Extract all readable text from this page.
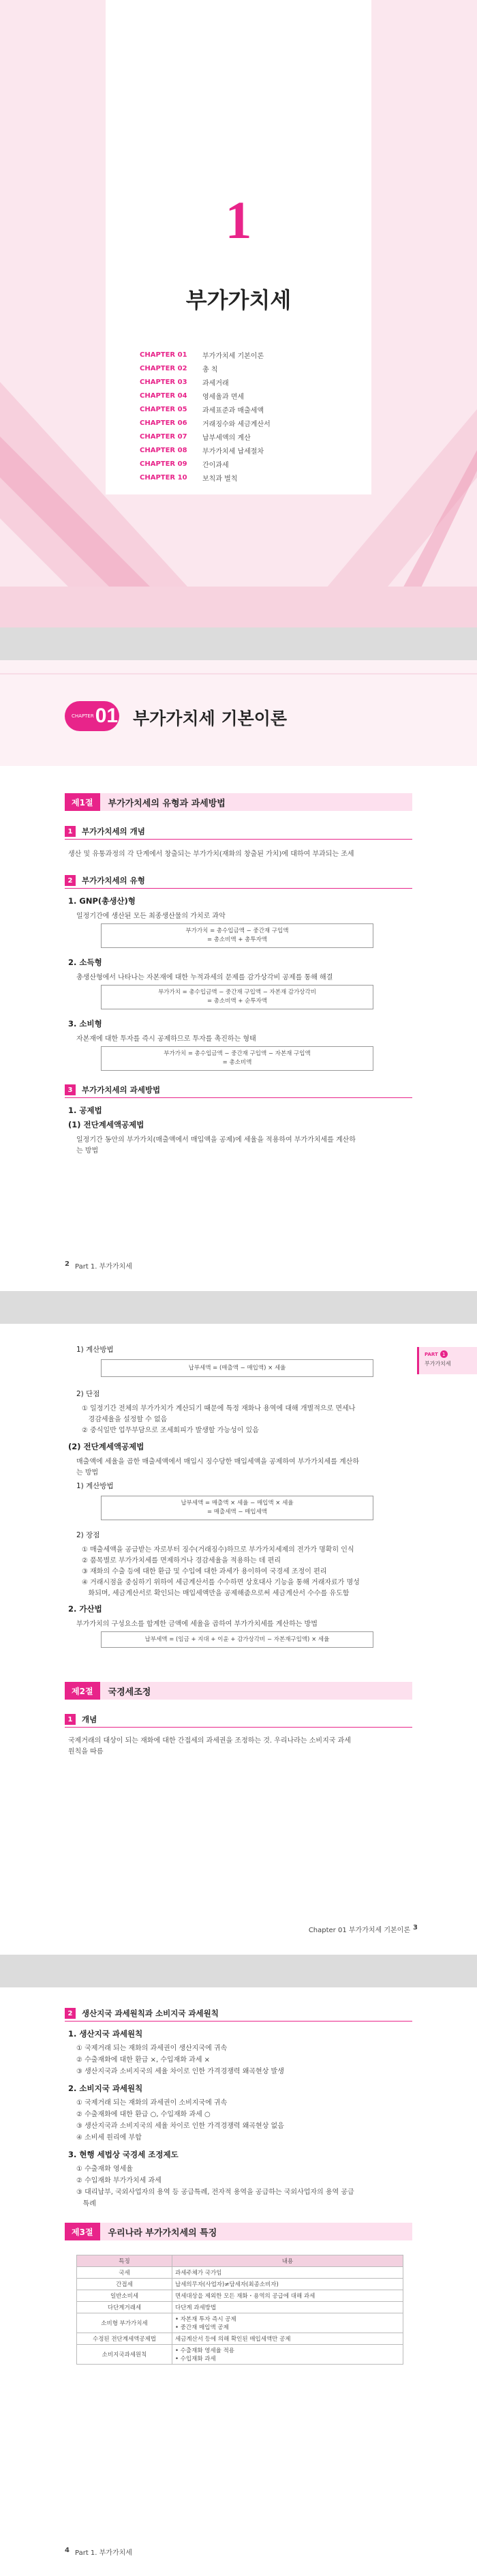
1
부가가치세
CHAPTER 01	부가가치세 기본이론
CHAPTER 02	총 칙
CHAPTER 03	과세거래
CHAPTER 04	영세율과 면세
CHAPTER 05	과세표준과 매출세액
CHAPTER 06	거래징수와 세금계산서
CHAPTER 07	납부세액의 계산
CHAPTER 08	부가가치세 납세절차
CHAPTER 09	간이과세
CHAPTER 10	보칙과 벌칙
CHAPTER 01 부가가치세 기본이론
제1절	부가가치세의 유형과 과세방법
1	부가가치세의 개념
생산 및 유통과정의 각 단계에서 창출되는 부가가치(재화의 창출된 가치)에 대하여 부과되는 조세
2	부가가치세의 유형
1. GNP(총생산)형
일정기간에 생산된 모든 최종생산물의 가치로 과악
부가가치 = 총수입금액 − 중간재 구입액
= 총소비액 + 총투자액
2. 소득형
총생산형에서 나타나는 자본재에 대한 누적과세의 문제를 감가상각비 공제를 통해 해결
부가가치 = 총수입금액 − 중간재 구입액 − 자본재 감가상각비
= 총소비액 + 순투자액
3. 소비형
자본재에 대한 투자를 즉시 공제하므로 투자를 촉진하는 형태
부가가치 = 총수입금액 − 중간재 구입액 − 자본재 구입액
= 총소비액
3	부가가치세의 과세방법
1. 공제법
(1) 전단계세액공제법
일정기간 동안의 부가가치(매출액에서 매입액을 공제)에 세율을 적용하여 부가가치세를 계산하
는 방법
2 Part 1. 부가가치세
PART 1
부가가치세
1) 계산방법
납부세액 = (매출액 − 매입액) × 세율
2) 단점
① 일정기간 전체의 부가가치가 계산되기 때문에 특정 재화나 용역에 대해 개별적으로 면세나
경감세율을 설정할 수 없음
② 중식일반 업무부담으로 조세회피가 발생할 가능성이 있음
(2) 전단계세액공제법
매출액에 세율을 곱한 매출세액에서 매입시 징수당한 매입세액을 공제하여 부가가치세를 계산하
는 방법
1) 계산방법
납부세액 = 매출액 × 세율 − 매입액 × 세율
= 매출세액 − 매입세액
2) 장점
① 매출세액을 공급받는 자로부터 징수(거래징수)하므로 부가가치세제의 전가가 명확히 인식
② 품목별로 부가가치세를 면제하거나 경감세율을 적용하는 데 편리
③ 재화의 수출 등에 대한 환급 및 수입에 대한 과세가 용이하여 국경세 조정이 편리
④ 거래시점을 중심하기 위하여 세금계산서를 수수하면 상호대사 기능을 통해 거래자료가 명성
화되며, 세금계산서로 확인되는 매입세액만을 공제해줌으로써 세금계산서 수수를 유도함
2. 가산법
부가가치의 구성요소를 합계한 금액에 세율을 곱하여 부가가치세를 계산하는 방법
납부세액 = (임금 + 지대 + 이윤 + 감가상각비 − 자본재구입액) × 세율
제2절	국경세조정
1	개념
국제거래의 대상이 되는 재화에 대한 간접세의 과세권을 조정하는 것. 우리나라는 소비지국 과세
원칙을 따름
Chapter 01 부가가치세 기본이론 3
2	생산지국 과세원칙과 소비지국 과세원칙
1. 생산지국 과세원칙
① 국제거래 되는 재화의 과세권이 생산지국에 귀속
② 수출재화에 대한 환급 ×, 수입재화 과세 ×
③ 생산지국과 소비지국의 세율 차이로 인한 가격경쟁력 왜곡현상 발생
2. 소비지국 과세원칙
① 국제거래 되는 재화의 과세권이 소비지국에 귀속
② 수출재화에 대한 환급 ○, 수입재화 과세 ○
③ 생산지국과 소비지국의 세율 차이로 인한 가격경쟁력 왜곡현상 없음
④ 소비세 원리에 부합
3. 현행 세법상 국경세 조정제도
① 수출재화 영세율
② 수입재화 부가가치세 과세
③ 대리납부, 국외사업자의 용역 등 공급특례, 전자적 용역을 공급하는 국외사업자의 용역 공급
특례
제3절	우리나라 부가가치세의 특징
특징	내용
국세	과세주체가 국가임
간접세	납세의무자(사업자)≠담세자(최종소비자)
일반소비세	면세대상을 제외한 모든 재화・용역의 공급에 대해 과세
다단계거래세	다단계 과세방법
소비형 부가가치세	• 자본재 투자 즉시 공제
• 중간재 매입액 공제
수정된 전단계세액공제법	세금계산서 등에 의해 확인된 매입세액만 공제
소비지국과세원칙	• 수출재화 영세율 적용
• 수입재화 과세
4 Part 1. 부가가치세
